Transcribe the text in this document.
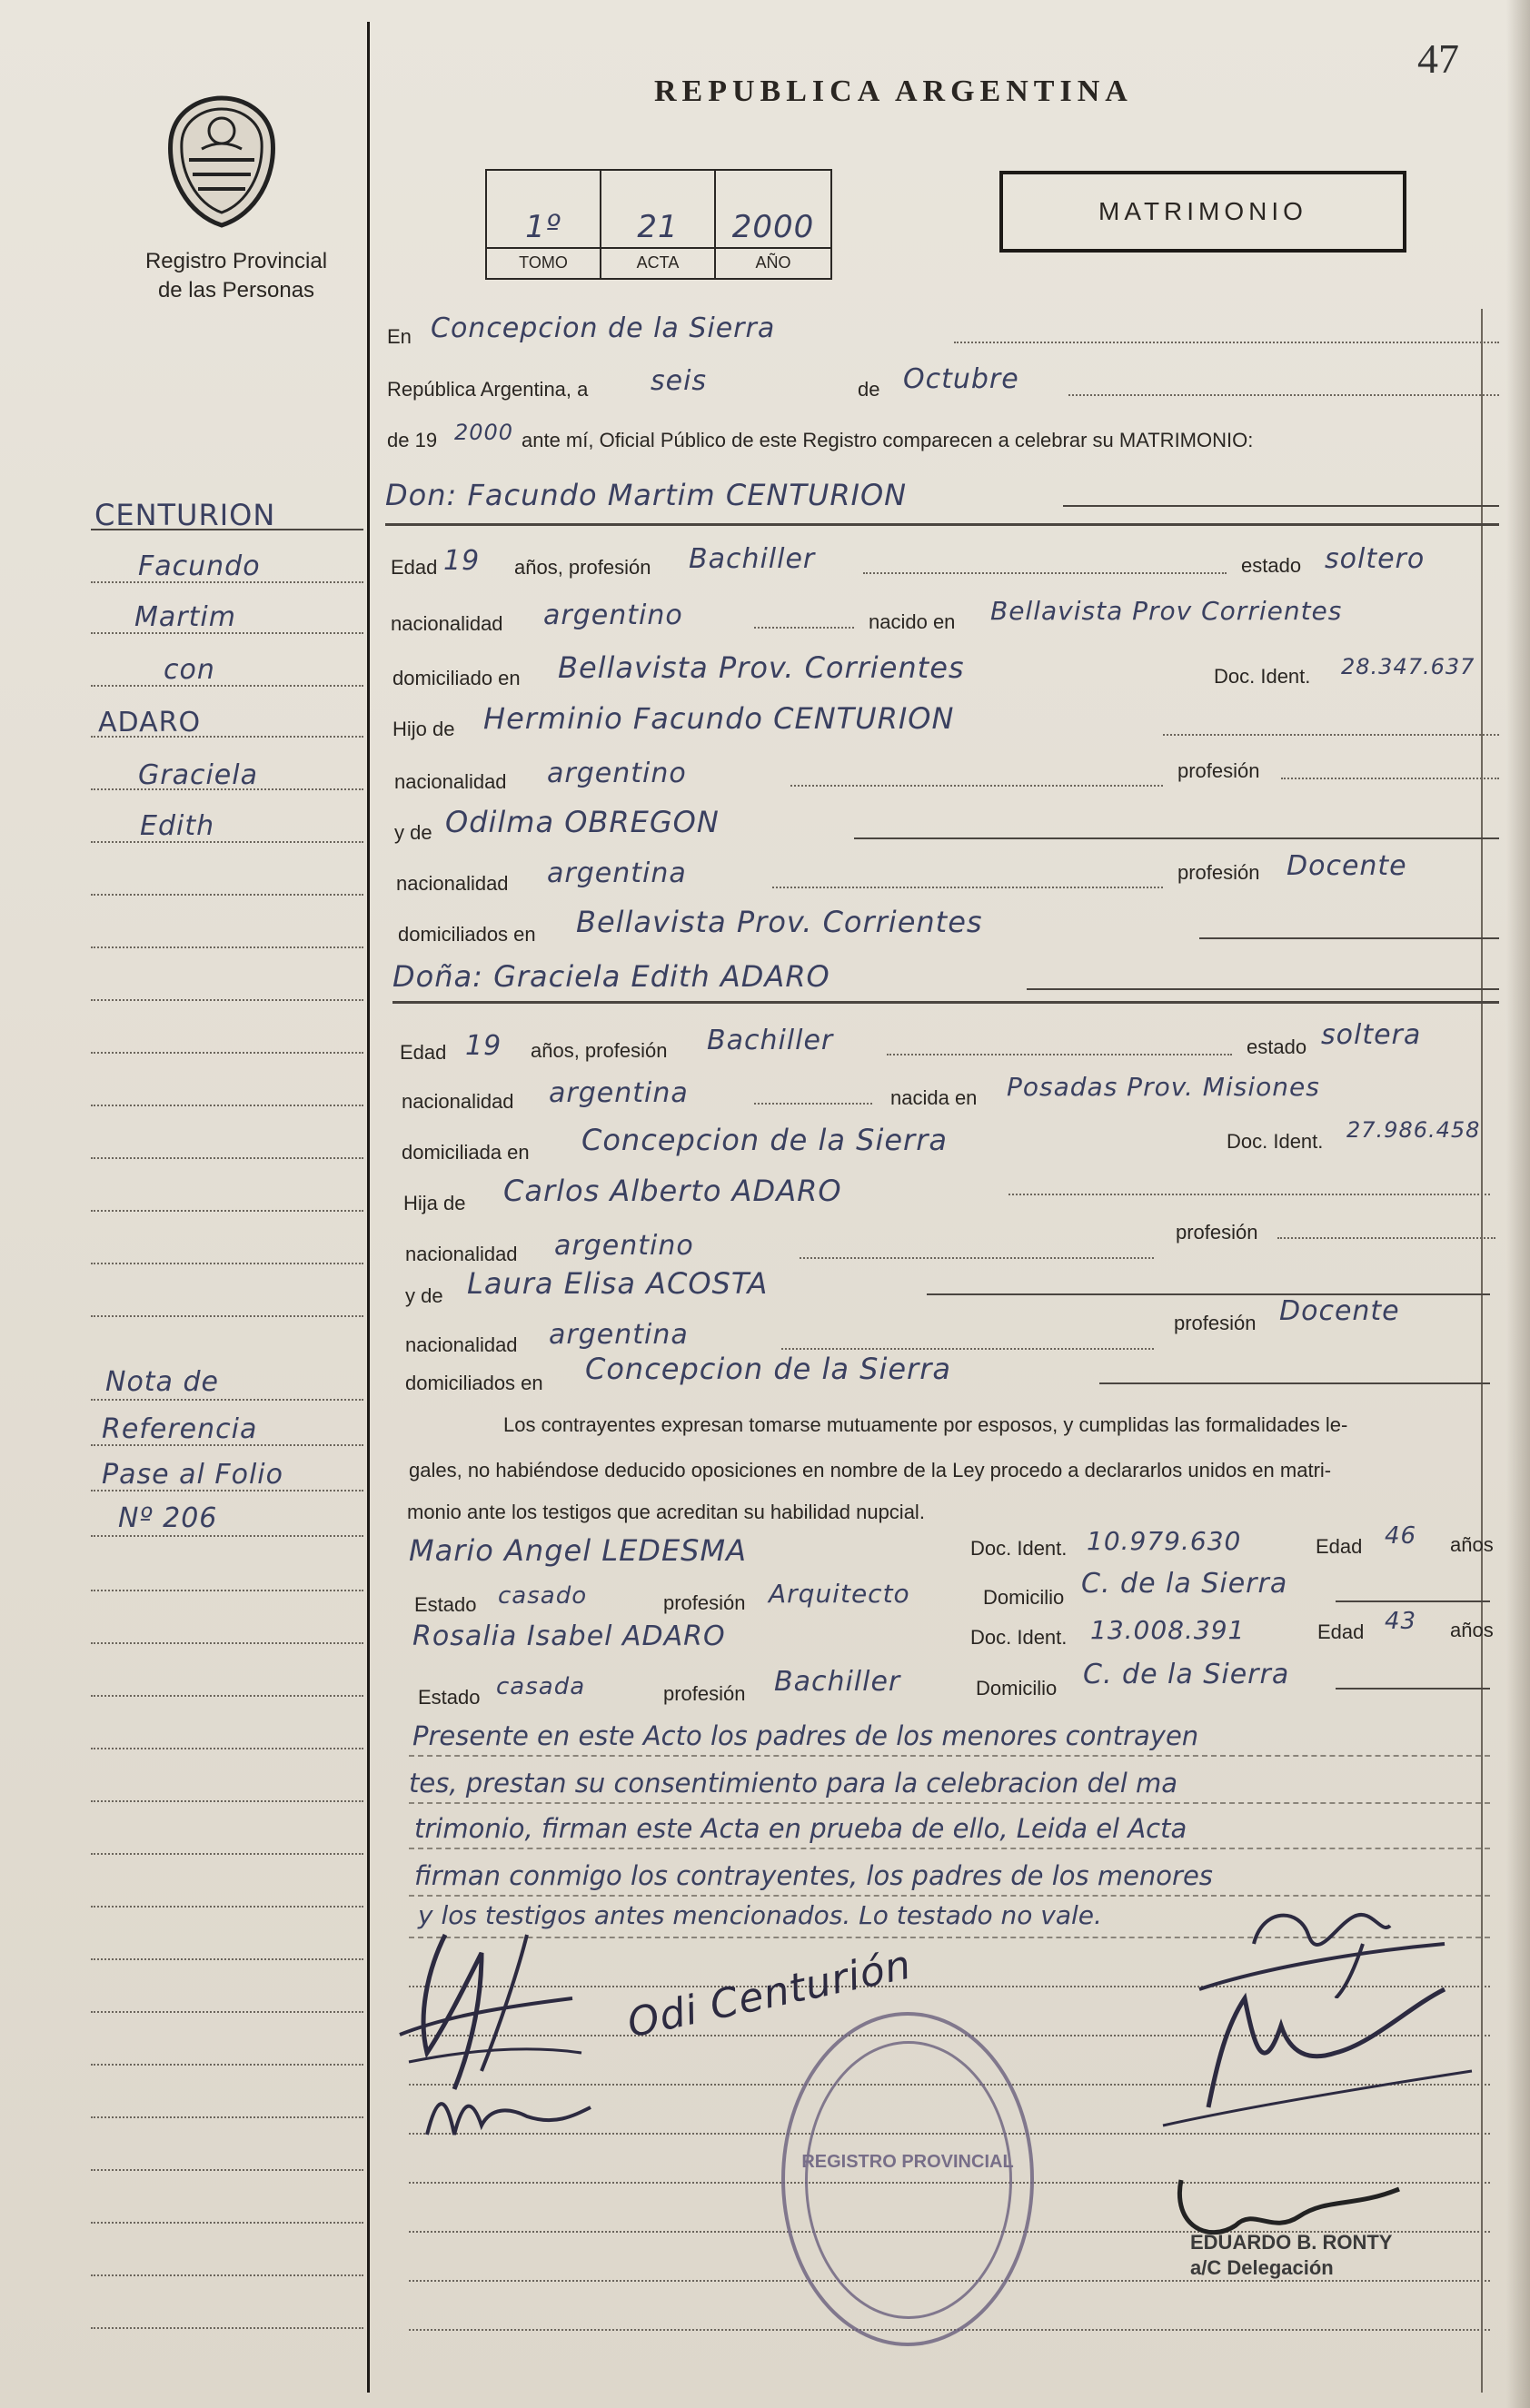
47
REPUBLICA ARGENTINA
Registro Provincial
de las Personas
1º
TOMO
21
ACTA
2000
AÑO
MATRIMONIO
En Concepcion de la Sierra
República Argentina, a seis	de Octubre
de 19 2000 ante mí, Oficial Público de este Registro comparecen a celebrar su MATRIMONIO:
CENTURION
Facundo
Martim
con
ADARO
Graciela
Edith
Nota de
Referencia
Pase al Folio
Nº 206
Don: Facundo Martim CENTURION
Edad 19 años, profesión Bachiller	estado soltero
nacionalidad argentino	nacido en Bellavista Prov Corrientes
domiciliado en Bellavista Prov. Corrientes	Doc. Ident. 28.347.637
Hijo de Herminio Facundo CENTURION
nacionalidad argentino	profesión
y de Odilma OBREGON
nacionalidad argentina	profesión Docente
domiciliados en Bellavista Prov. Corrientes
Doña: Graciela Edith ADARO
Edad 19 años, profesión Bachiller	estado soltera
nacionalidad argentina	nacida en Posadas Prov. Misiones
domiciliada en Concepcion de la Sierra	Doc. Ident. 27.986.458
Hija de Carlos Alberto ADARO
nacionalidad argentino	profesión
y de Laura Elisa ACOSTA
nacionalidad argentina	profesión Docente
domiciliados en Concepcion de la Sierra
Los contrayentes expresan tomarse mutuamente por esposos, y cumplidas las formalidades le-
gales, no habiéndose deducido oposiciones en nombre de la Ley procedo a declararlos unidos en matri-
monio ante los testigos que acreditan su habilidad nupcial.
Mario Angel LEDESMA	Doc. Ident. 10.979.630	Edad 46 años
Estado casado	profesión Arquitecto	Domicilio C. de la Sierra
Rosalia Isabel ADARO	Doc. Ident. 13.008.391	Edad 43 años
Estado casada	profesión Bachiller	Domicilio C. de la Sierra
Presente en este Acto los padres de los menores contrayen
tes, prestan su consentimiento para la celebracion del ma
trimonio, firman este Acta en prueba de ello, Leida el Acta
firman conmigo los contrayentes, los padres de los menores
y los testigos antes mencionados. Lo testado no vale.
Odi Centurión
REGISTRO PROVINCIAL
EDUARDO B. RONTY
a/C Delegación
